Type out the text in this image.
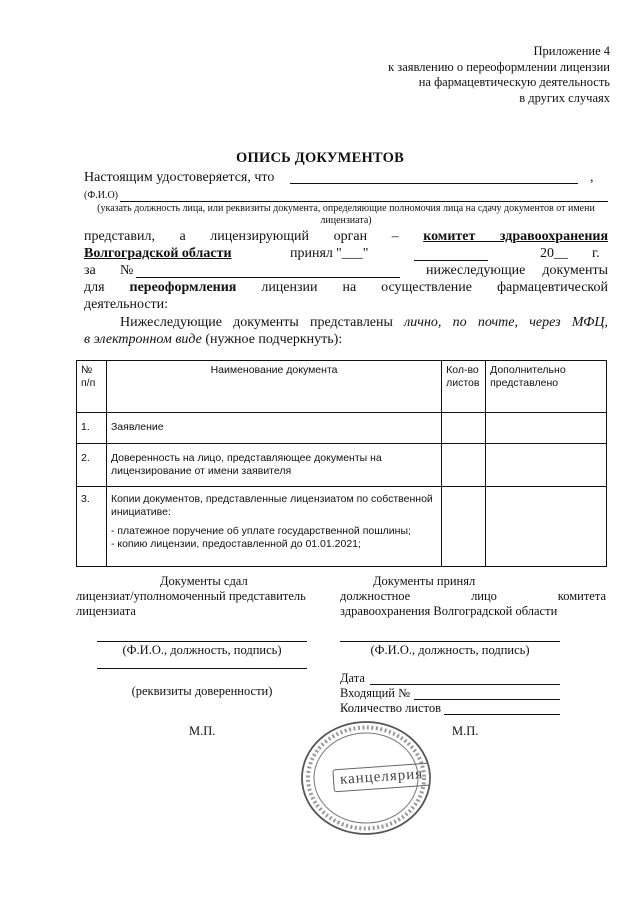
Приложение 4
к заявлению о переоформлении лицензии
на фармацевтическую деятельность
в других случаях
ОПИСЬ ДОКУМЕНТОВ
Настоящим удостоверяется, что	,
(Ф.И.О)
(указать должность лица, или реквизиты документа, определяющие полномочия лица на сдачу документов от имени лицензиата)
представил, а лицензирующий орган – комитет здравоохранения
Волгоградской области	принял "___"	20__ г.
за №	нижеследующие документы
для переоформления лицензии на осуществление фармацевтической
деятельности:
Нижеследующие документы представлены лично, по почте, через МФЦ,
в электронном виде (нужное подчеркнуть):
№ п/п	Наименование документа	Кол-во листов	Дополнительно представлено
1.	Заявление		
2.	Доверенность на лицо, представляющее документы на лицензирование от имени заявителя		
3.	Копии документов, представленные лицензиатом по собственной инициативе:
- платежное поручение об уплате государственной пошлины;
- копию лицензии, предоставленной до 01.01.2021;		

Документы сдал
лицензиат/уполномоченный представитель
лицензиата
(Ф.И.О., должность, подпись)
(реквизиты доверенности)
М.П.
Документы принял
должностное лицо комитета
здравоохранения Волгоградской области
(Ф.И.О., должность, подпись)
Дата
Входящий №
Количество листов
М.П.
канцелярия
